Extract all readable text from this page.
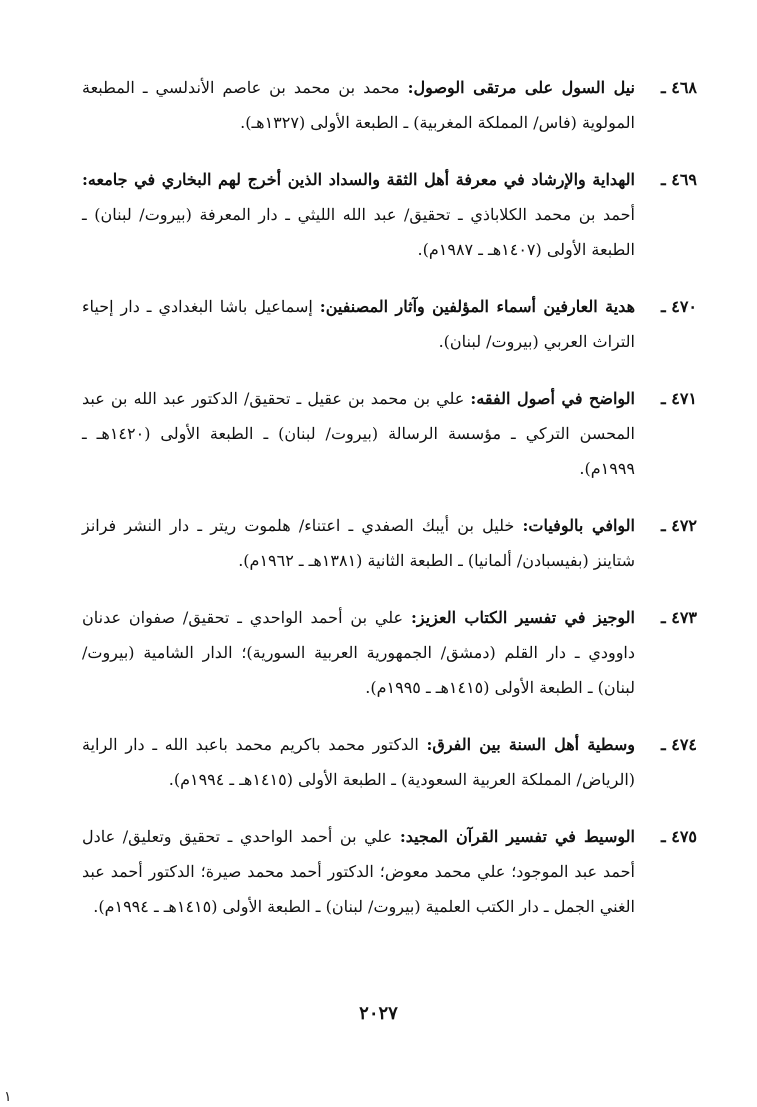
٤٦٨ ـ
نيل السول على مرتقى الوصول: محمد بن محمد بن عاصم الأندلسي ـ المطبعة المولوية (فاس/ المملكة المغربية) ـ الطبعة الأولى (١٣٢٧هـ).
٤٦٩ ـ
الهداية والإرشاد في معرفة أهل الثقة والسداد الذين أخرج لهم البخاري في جامعه: أحمد بن محمد الكلاباذي ـ تحقيق/ عبد الله الليثي ـ دار المعرفة (بيروت/ لبنان) ـ الطبعة الأولى (١٤٠٧هـ ـ ١٩٨٧م).
٤٧٠ ـ
هدية العارفين أسماء المؤلفين وآثار المصنفين: إسماعيل باشا البغدادي ـ دار إحياء التراث العربي (بيروت/ لبنان).
٤٧١ ـ
الواضح في أصول الفقه: علي بن محمد بن عقيل ـ تحقيق/ الدكتور عبد الله بن عبد المحسن التركي ـ مؤسسة الرسالة (بيروت/ لبنان) ـ الطبعة الأولى (١٤٢٠هـ ـ ١٩٩٩م).
٤٧٢ ـ
الوافي بالوفيات: خليل بن أيبك الصفدي ـ اعتناء/ هلموت ريتر ـ دار النشر فرانز شتاينز (بفيسبادن/ ألمانيا) ـ الطبعة الثانية (١٣٨١هـ ـ ١٩٦٢م).
٤٧٣ ـ
الوجيز في تفسير الكتاب العزيز: علي بن أحمد الواحدي ـ تحقيق/ صفوان عدنان داوودي ـ دار القلم (دمشق/ الجمهورية العربية السورية)؛ الدار الشامية (بيروت/ لبنان) ـ الطبعة الأولى (١٤١٥هـ ـ ١٩٩٥م).
٤٧٤ ـ
وسطية أهل السنة بين الفرق: الدكتور محمد باكريم محمد باعبد الله ـ دار الراية (الرياض/ المملكة العربية السعودية) ـ الطبعة الأولى (١٤١٥هـ ـ ١٩٩٤م).
٤٧٥ ـ
الوسيط في تفسير القرآن المجيد: علي بن أحمد الواحدي ـ تحقيق وتعليق/ عادل أحمد عبد الموجود؛ علي محمد معوض؛ الدكتور أحمد محمد صيرة؛ الدكتور أحمد عبد الغني الجمل ـ دار الكتب العلمية (بيروت/ لبنان) ـ الطبعة الأولى (١٤١٥هـ ـ ١٩٩٤م).
٢٠٢٧
١
